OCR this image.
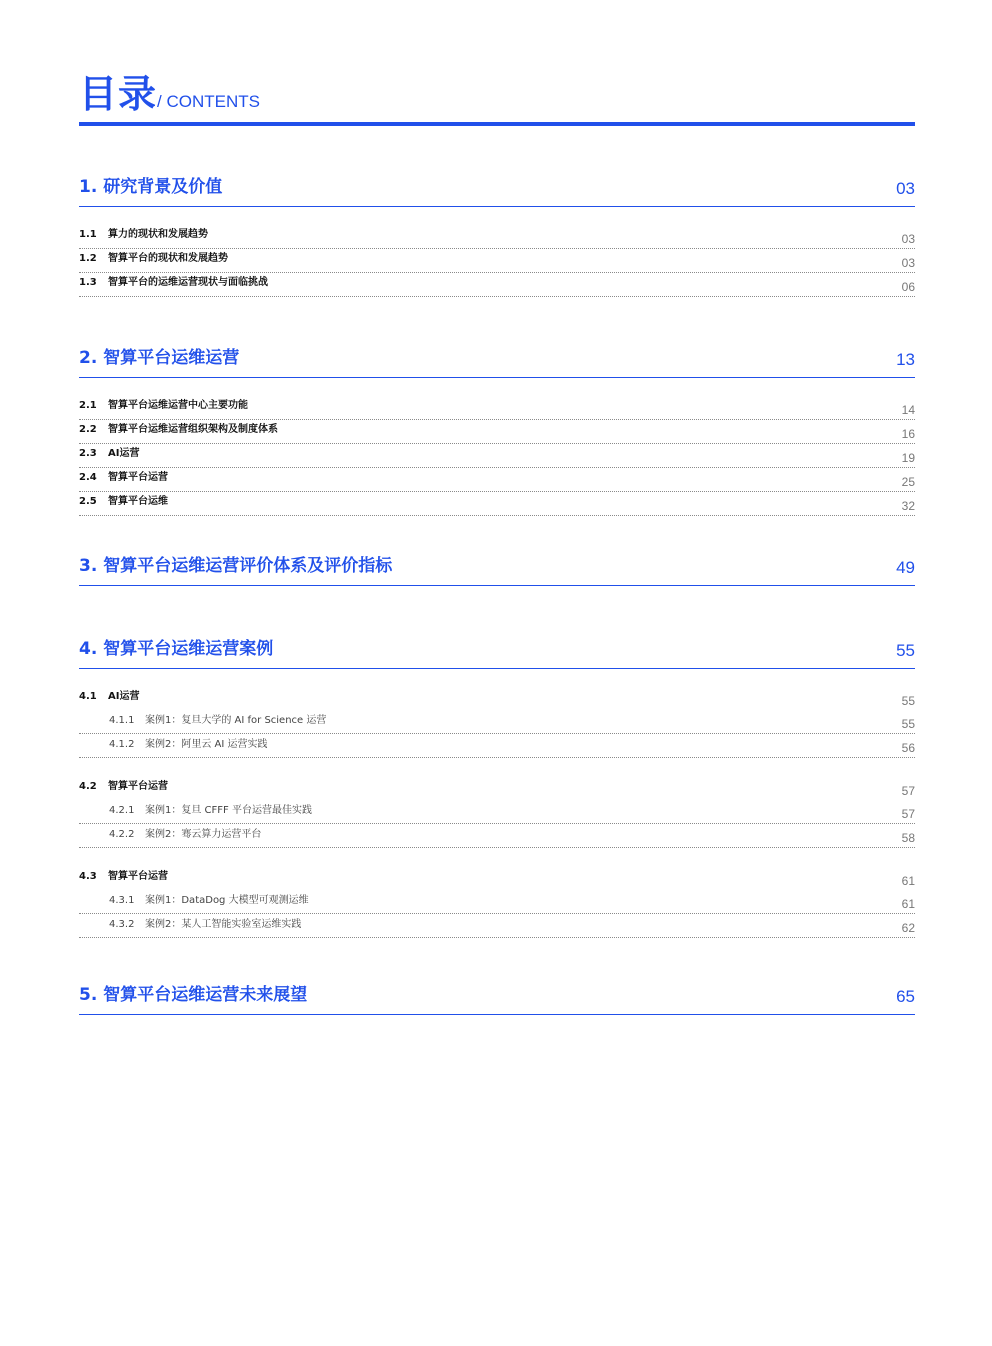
目录 / CONTENTS
1. 研究背景及价值	03
1.1 算力的现状和发展趋势	03
1.2 智算平台的现状和发展趋势	03
1.3 智算平台的运维运营现状与面临挑战	06
2. 智算平台运维运营	13
2.1 智算平台运维运营中心主要功能	14
2.2 智算平台运维运营组织架构及制度体系	16
2.3 AI运营	19
2.4 智算平台运营	25
2.5 智算平台运维	32
3. 智算平台运维运营评价体系及评价指标	49
4. 智算平台运维运营案例	55
4.1 AI运营	55
4.1.1 案例1：复旦大学的 AI for Science 运营	55
4.1.2 案例2：阿里云 AI 运营实践	56
4.2 智算平台运营	57
4.2.1 案例1：复旦 CFFF 平台运营最佳实践	57
4.2.2 案例2：骞云算力运营平台	58
4.3 智算平台运营	61
4.3.1 案例1：DataDog 大模型可观测运维	61
4.3.2 案例2：某人工智能实验室运维实践	62
5. 智算平台运维运营未来展望	65
